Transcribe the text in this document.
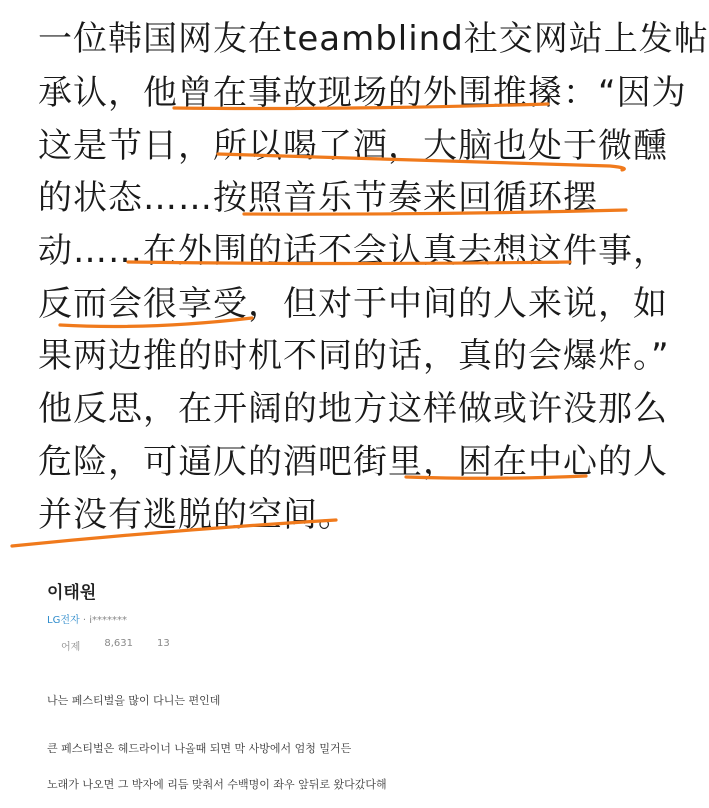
一位韩国网友在teamblind社交网站上发帖
承认，他曾在事故现场的外围推搡：“因为
这是节日，所以喝了酒，大脑也处于微醺
的状态……按照音乐节奏来回循环摆
动……在外围的话不会认真去想这件事，
反而会很享受，但对于中间的人来说，如
果两边推的时机不同的话，真的会爆炸。”
他反思，在开阔的地方这样做或许没那么
危险，可逼仄的酒吧街里，困在中心的人
并没有逃脱的空间。
이태원
LG전자 · i*******
어제 8,631 13
나는 페스티벌을 많이 다니는 편인데
큰 페스티벌은 헤드라이너 나올때 되면 막 사방에서 엄청 밀거든
노래가 나오면 그 박자에 리듬 맞춰서 수백명이 좌우 앞뒤로 왔다갔다해
